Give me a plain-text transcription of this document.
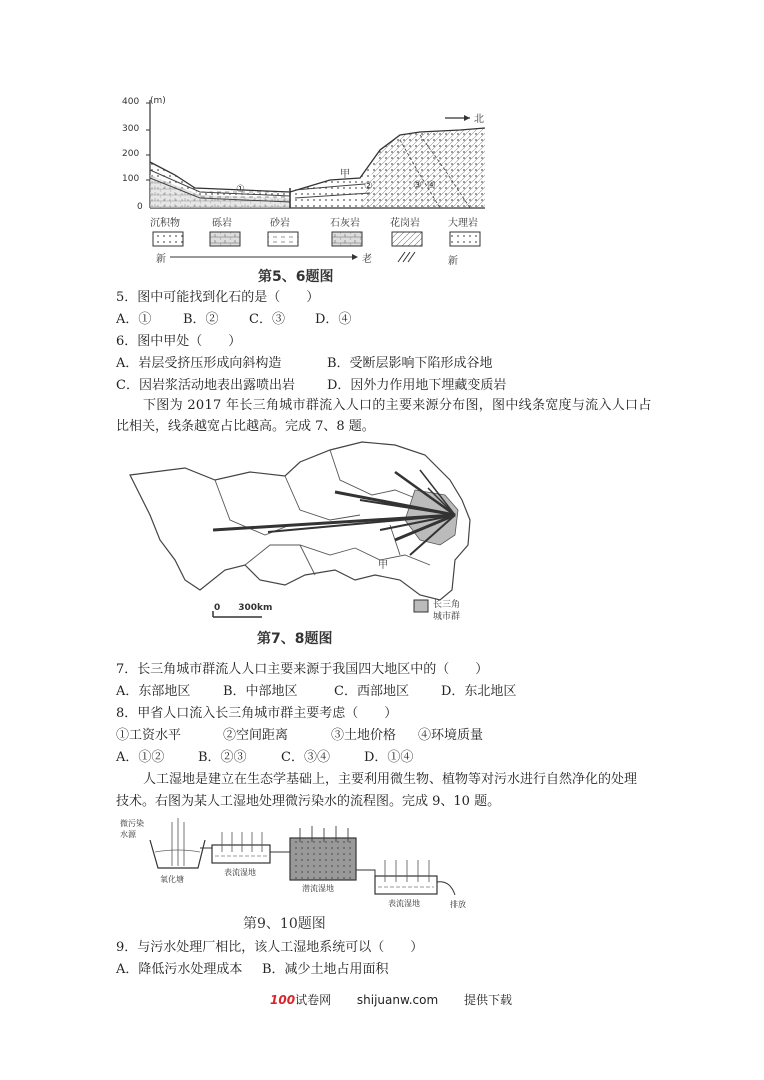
400 (m)
300
200
100
0
北
甲
①	②	③ ④
沉积物	砾岩	砂岩	石灰岩	花岗岩	大理岩
新	老	新
第5、6题图
5．图中可能找到化石的是（　　）
A．① B．② C．③ D．④
6．图中甲处（　　）
A．岩层受挤压形成向斜构造	B．受断层影响下陷形成谷地
C．因岩浆活动地表出露喷出岩 D．因外力作用地下埋藏变质岩
下图为 2017 年长三角城市群流入人口的主要来源分布图，图中线条宽度与流入人口占
比相关，线条越宽占比越高。完成 7、8 题。
0　　300km
甲
长三角
城市群
第7、8题图
7．长三角城市群流人人口主要来源于我国四大地区中的（　　）
A．东部地区	B．中部地区	C．西部地区 D．东北地区
8．甲省人口流入长三角城市群主要考虑（　　）
①工资水平	②空间距离	③土地价格 ④环境质量
A．①②	B．②③	C．③④	D．①④
人工湿地是建立在生态学基础上，主要利用微生物、植物等对污水进行自然净化的处理
技术。右图为某人工湿地处理微污染水的流程图。完成 9、10 题。
微污染
水源
氧化塘
表流湿地
潜流湿地
表流湿地	排放
第9、10题图
9．与污水处理厂相比，该人工湿地系统可以（　　）
A．降低污水处理成本 B．减少土地占用面积
100试卷网 shijuanw.com 提供下载
